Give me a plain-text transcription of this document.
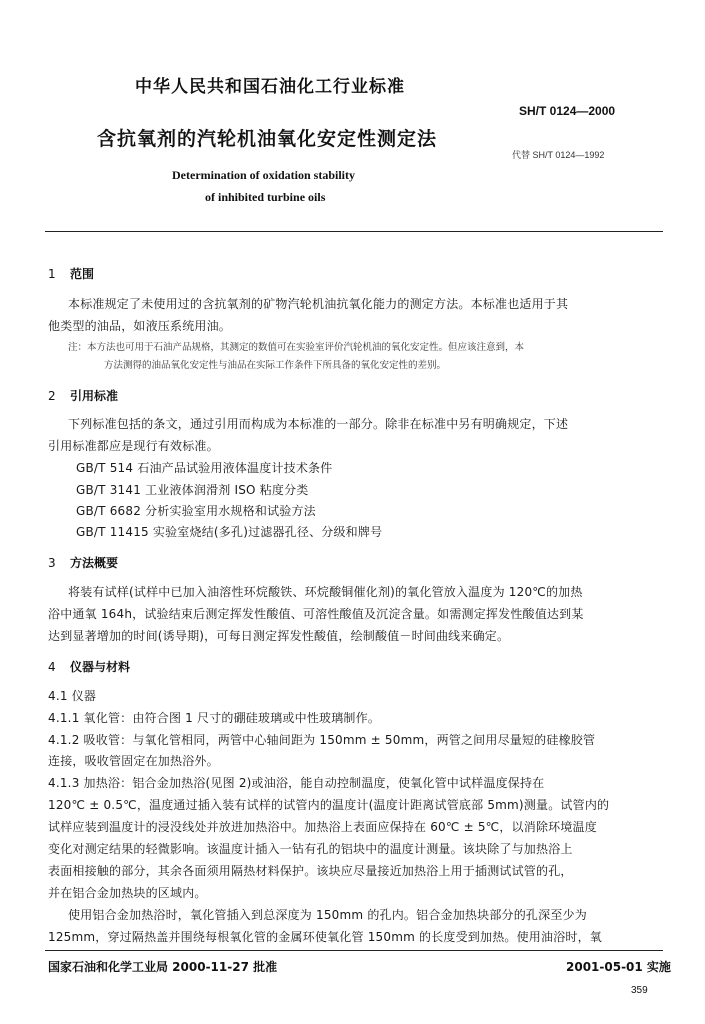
中华人民共和国石油化工行业标准
SH/T 0124—2000
含抗氧剂的汽轮机油氧化安定性测定法
代替 SH/T 0124—1992
Determination of oxidation stability
of inhibited turbine oils
1 范围
本标准规定了未使用过的含抗氧剂的矿物汽轮机油抗氧化能力的测定方法。本标准也适用于其
他类型的油品，如液压系统用油。
注：本方法也可用于石油产品规格，其测定的数值可在实验室评价汽轮机油的氧化安定性。但应该注意到，本
方法测得的油品氧化安定性与油品在实际工作条件下所具备的氧化安定性的差别。
2 引用标准
下列标准包括的条文，通过引用而构成为本标准的一部分。除非在标准中另有明确规定，下述
引用标准都应是现行有效标准。
GB/T 514 石油产品试验用液体温度计技术条件
GB/T 3141 工业液体润滑剂 ISO 粘度分类
GB/T 6682 分析实验室用水规格和试验方法
GB/T 11415 实验室烧结(多孔)过滤器孔径、分级和牌号
3 方法概要
将装有试样(试样中已加入油溶性环烷酸铁、环烷酸铜催化剂)的氧化管放入温度为 120℃的加热
浴中通氧 164h，试验结束后测定挥发性酸值、可溶性酸值及沉淀含量。如需测定挥发性酸值达到某
达到显著增加的时间(诱导期)，可每日测定挥发性酸值，绘制酸值－时间曲线来确定。
4 仪器与材料
4.1 仪器
4.1.1 氧化管：由符合图 1 尺寸的硼硅玻璃或中性玻璃制作。
4.1.2 吸收管：与氧化管相同，两管中心轴间距为 150mm ± 50mm，两管之间用尽量短的硅橡胶管
连接，吸收管固定在加热浴外。
4.1.3 加热浴：铝合金加热浴(见图 2)或油浴，能自动控制温度，使氧化管中试样温度保持在
120℃ ± 0.5℃，温度通过插入装有试样的试管内的温度计(温度计距离试管底部 5mm)测量。试管内的
试样应装到温度计的浸没线处并放进加热浴中。加热浴上表面应保持在 60℃ ± 5℃，以消除环境温度
变化对测定结果的轻微影响。该温度计插入一钻有孔的铝块中的温度计测量。该块除了与加热浴上
表面相接触的部分，其余各面须用隔热材料保护。该块应尽量接近加热浴上用于插测试试管的孔，
并在铝合金加热块的区域内。
使用铝合金加热浴时，氧化管插入到总深度为 150mm 的孔内。铝合金加热块部分的孔深至少为
125mm，穿过隔热盖并围绕每根氧化管的金属环使氧化管 150mm 的长度受到加热。使用油浴时，氧
国家石油和化学工业局 2000-11-27 批准	2001-05-01 实施
359
